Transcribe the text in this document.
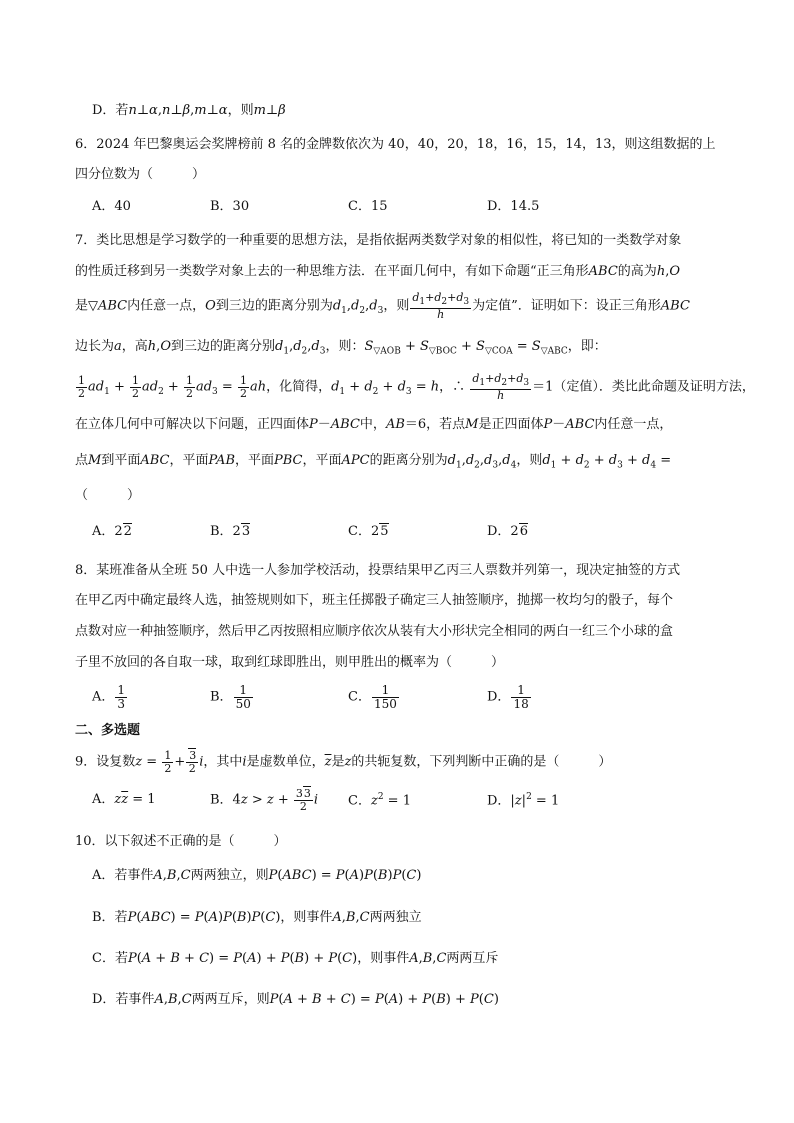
D．若n⊥α,n⊥β,m⊥α，则m⊥β
6．2024 年巴黎奥运会奖牌榜前 8 名的金牌数依次为 40，40，20，18，16，15，14，13，则这组数据的上
四分位数为（　　　）
A．40	B．30	C．15	D．14.5
7．类比思想是学习数学的一种重要的思想方法，是指依据两类数学对象的相似性，将已知的一类数学对象
的性质迁移到另一类数学对象上去的一种思维方法．在平面几何中，有如下命题“正三角形ABC的高为h,O
是▽ABC内任意一点，O到三边的距离分别为$d_1,d_2,d_3$，则 $\frac{d_1+d_2+d_3}{h}$ 为定值”．证明如下：设正三角形ABC
边长为a，高h,O到三边的距离分别$d_1,d_2,d_3$，则：$S_{▽AOB} + S_{▽BOC} + S_{▽COA} = S_{▽ABC}$，即：
$\frac{1}{2} ad_1 + \frac{1}{2} ad_2 + \frac{1}{2} ad_3 = \frac{1}{2}$ ah，化简得，$d_1 + d_2 + d_3 = h$，∴ $\frac{d_1+d_2+d_3}{h} =1$（定值）．类比此命题及证明方法，
在立体几何中可解决以下问题，正四面体P－ABC中，AB＝6，若点M是正四面体P－ABC内任意一点，
点M到平面ABC，平面PAB，平面PBC，平面APC的距离分别为$d_1,d_2,d_3,d_4$，则$d_1 + d_2 + d_3 + d_4$ =
（　　　）
A．22	B．23	C．25	D．26
8．某班准备从全班 50 人中选一人参加学校活动，投票结果甲乙丙三人票数并列第一，现决定抽签的方式
在甲乙丙中确定最终人选，抽签规则如下，班主任掷骰子确定三人抽签顺序，抛掷一枚均匀的骰子，每个
点数对应一种抽签顺序，然后甲乙丙按照相应顺序依次从装有大小形状完全相同的两白一红三个小球的盒
子里不放回的各自取一球，取到红球即胜出，则甲胜出的概率为（　　　）
A． $\frac{1}{3}$	B． $\frac{1}{50}$	C． $\frac{1}{150}$	D． $\frac{1}{18}$
二、多选题
9．设复数$z = \frac{1}{2} + \frac{3}{2}$ i，其中i是虚数单位，$\overline{z}$是z的共轭复数，下列判断中正确的是（　　　）
A．$z\overline{z} = 1$	B．$4z > z + \frac{33}{2}$ i C．$z^2 = 1$	D．$|z|^2 = 1$
10．以下叙述不正确的是（　　　）
A．若事件A,B,C两两独立，则P(ABC) = P(A)P(B)P(C)
B．若P(ABC) = P(A)P(B)P(C)，则事件A,B,C两两独立
C．若P(A + B + C) = P(A) + P(B) + P(C)，则事件A,B,C两两互斥
D．若事件A,B,C两两互斥，则P(A + B + C) = P(A) + P(B) + P(C)
